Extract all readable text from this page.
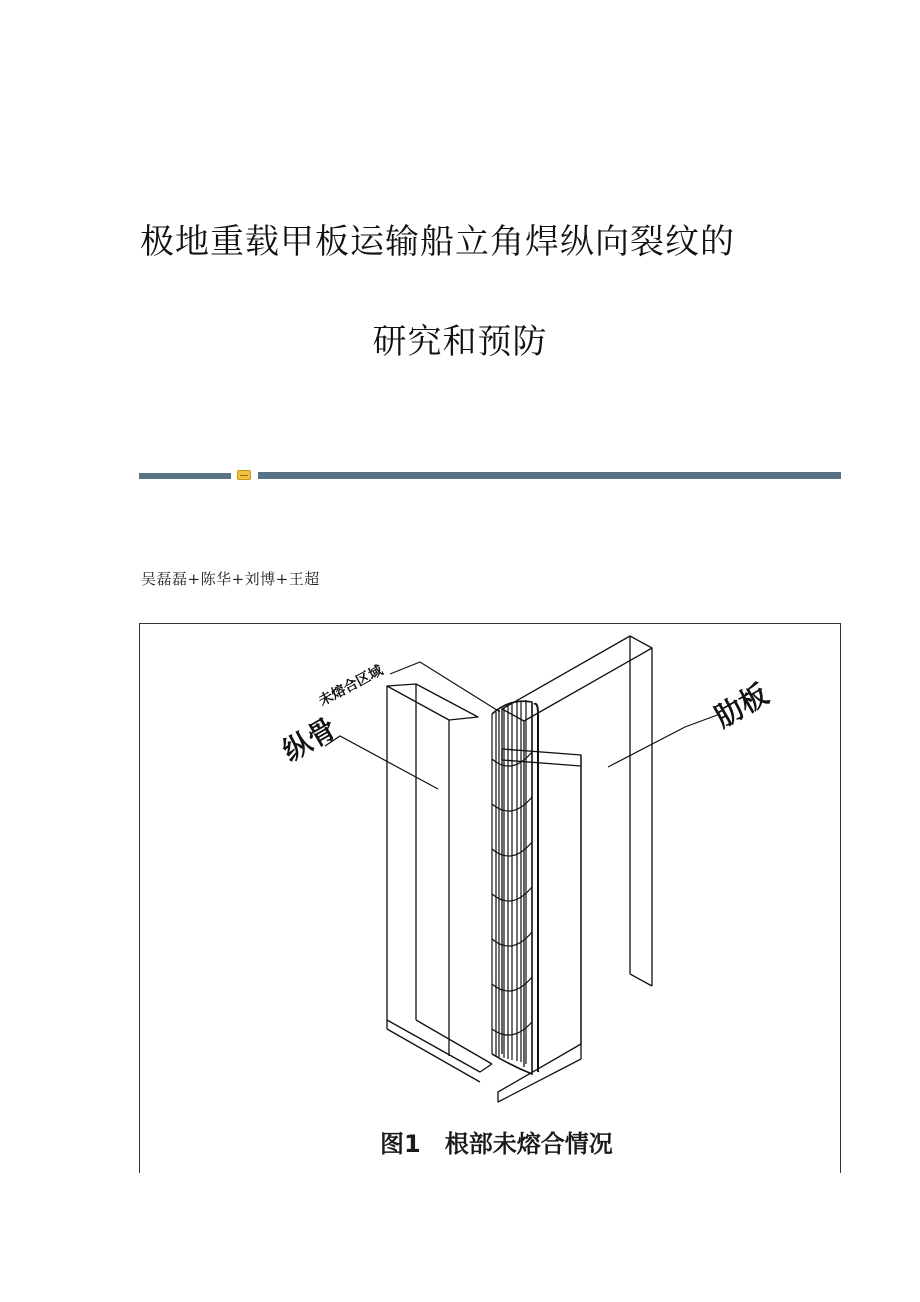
极地重载甲板运输船立角焊纵向裂纹的
研究和预防
吴磊磊+陈华+刘博+王超
纵骨
未熔合区域	肋板
图1　根部未熔合情况
